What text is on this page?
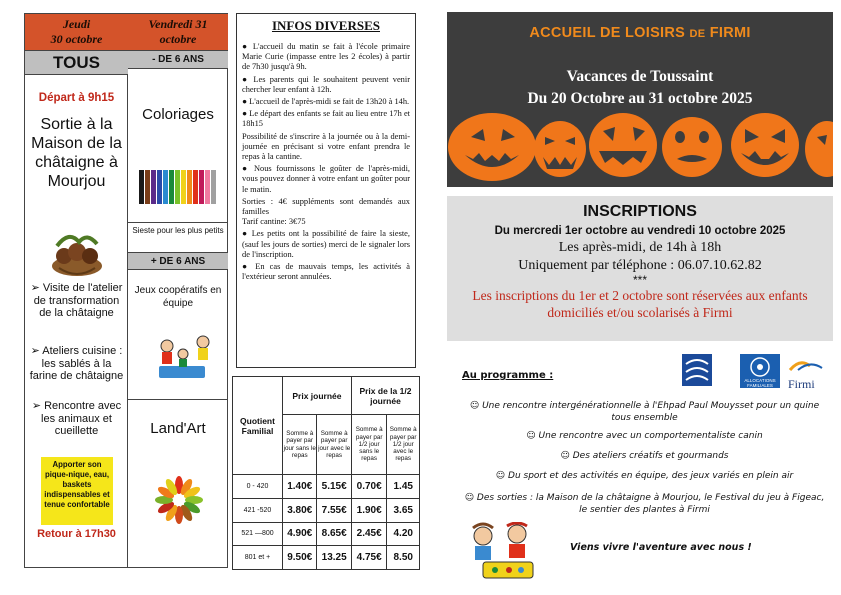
Jeudi
30 octobre
Vendredi 31
octobre
TOUS
Départ à 9h15
Sortie à la Maison de la châtaigne à Mourjou
➢ Visite de l'atelier de transformation de la châtaigne
➢ Ateliers cuisine : les sablés à la farine de châtaigne
➢ Rencontre avec les animaux et cueillette
Apporter son pique-nique, eau, baskets indispensables et tenue confortable
Retour à 17h30
- DE 6 ANS
Coloriages
Sieste pour les plus petits
+ DE 6 ANS
Jeux coopératifs en équipe
Land'Art
INFOS DIVERSES

● L'accueil du matin se fait à l'école primaire Marie Curie (impasse entre les 2 écoles) à partir de 7h30 jusqu'à 9h.

● Les parents qui le souhaitent peuvent venir chercher leur enfant à 12h.

● L'accueil de l'après-midi se fait de 13h20 à 14h.

● Le départ des enfants se fait au lieu entre 17h et 18h15

Possibilité de s'inscrire à la journée ou à la demi-journée en précisant si votre enfant prendra le repas à la cantine.

● Nous fournissons le goûter de l'après-midi, vous pouvez donner à votre enfant un goûter pour le matin.

Sorties : 4€ suppléments sont demandés aux familles

Tarif cantine: 3€75

● Les petits ont la possibilité de faire la sieste, (sauf les jours de sorties) merci de le signaler lors de l'inscription.

● En cas de mauvais temps, les activités à l'extérieur seront annulées.

Quotient Familial	Prix journée		Prix de la 1/2 journée	
	Somme à payer par jour sans le repas	Somme à payer par jour avec le repas	Somme à payer par 1/2 jour sans le repas	Somme à payer par 1/2 jour avec le repas
0 - 420	1.40€	5.15€	0.70€	1.45
421 -520	3.80€	7.55€	1.90€	3.65
521 —800	4.90€	8.65€	2.45€	4.20
801 et +	9.50€	13.25	4.75€	8.50
ACCUEIL DE LOISIRS DE FIRMI
Vacances de Toussaint
Du 20 Octobre au 31 octobre 2025
INSCRIPTIONS
Du mercredi 1er octobre au vendredi 10 octobre 2025
Les après-midi, de 14h à 18h
Uniquement par téléphone : 06.07.10.62.82
***
Les inscriptions du 1er et 2 octobre sont réservées aux enfants domiciliés et/ou scolarisés à Firmi
ALLOCATIONS FAMILIALES	Firmi
Au programme :
☺ Une rencontre intergénérationnelle à l'Ehpad Paul Mouysset pour un quine tous ensemble
☺ Une rencontre avec un comportementaliste canin
☺ Des ateliers créatifs et gourmands
☺ Du sport et des activités en équipe, des jeux variés en plein air
☺ Des sorties : la Maison de la châtaigne à Mourjou, le Festival du jeu à Figeac, le sentier des plantes à Firmi
Viens vivre l'aventure avec nous !
